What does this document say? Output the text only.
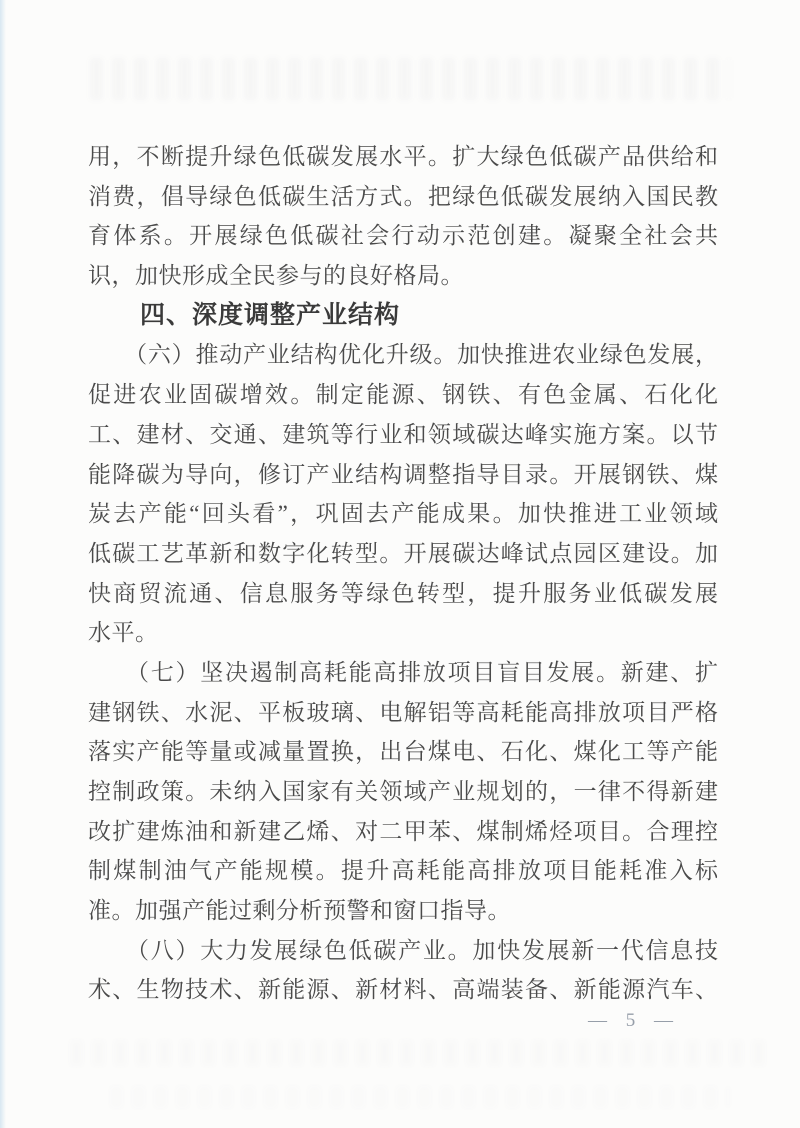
用，不断提升绿色低碳发展水平。扩大绿色低碳产品供给和
消费，倡导绿色低碳生活方式。把绿色低碳发展纳入国民教
育体系。开展绿色低碳社会行动示范创建。凝聚全社会共
识，加快形成全民参与的良好格局。
　　四、深度调整产业结构
　　（六）推动产业结构优化升级。加快推进农业绿色发展，
促进农业固碳增效。制定能源、钢铁、有色金属、石化化
工、建材、交通、建筑等行业和领域碳达峰实施方案。以节
能降碳为导向，修订产业结构调整指导目录。开展钢铁、煤
炭去产能“回头看”，巩固去产能成果。加快推进工业领域
低碳工艺革新和数字化转型。开展碳达峰试点园区建设。加
快商贸流通、信息服务等绿色转型，提升服务业低碳发展
水平。
　　（七）坚决遏制高耗能高排放项目盲目发展。新建、扩
建钢铁、水泥、平板玻璃、电解铝等高耗能高排放项目严格
落实产能等量或减量置换，出台煤电、石化、煤化工等产能
控制政策。未纳入国家有关领域产业规划的，一律不得新建
改扩建炼油和新建乙烯、对二甲苯、煤制烯烃项目。合理控
制煤制油气产能规模。提升高耗能高排放项目能耗准入标
准。加强产能过剩分析预警和窗口指导。
　　（八）大力发展绿色低碳产业。加快发展新一代信息技
术、生物技术、新能源、新材料、高端装备、新能源汽车、
— 5 —
